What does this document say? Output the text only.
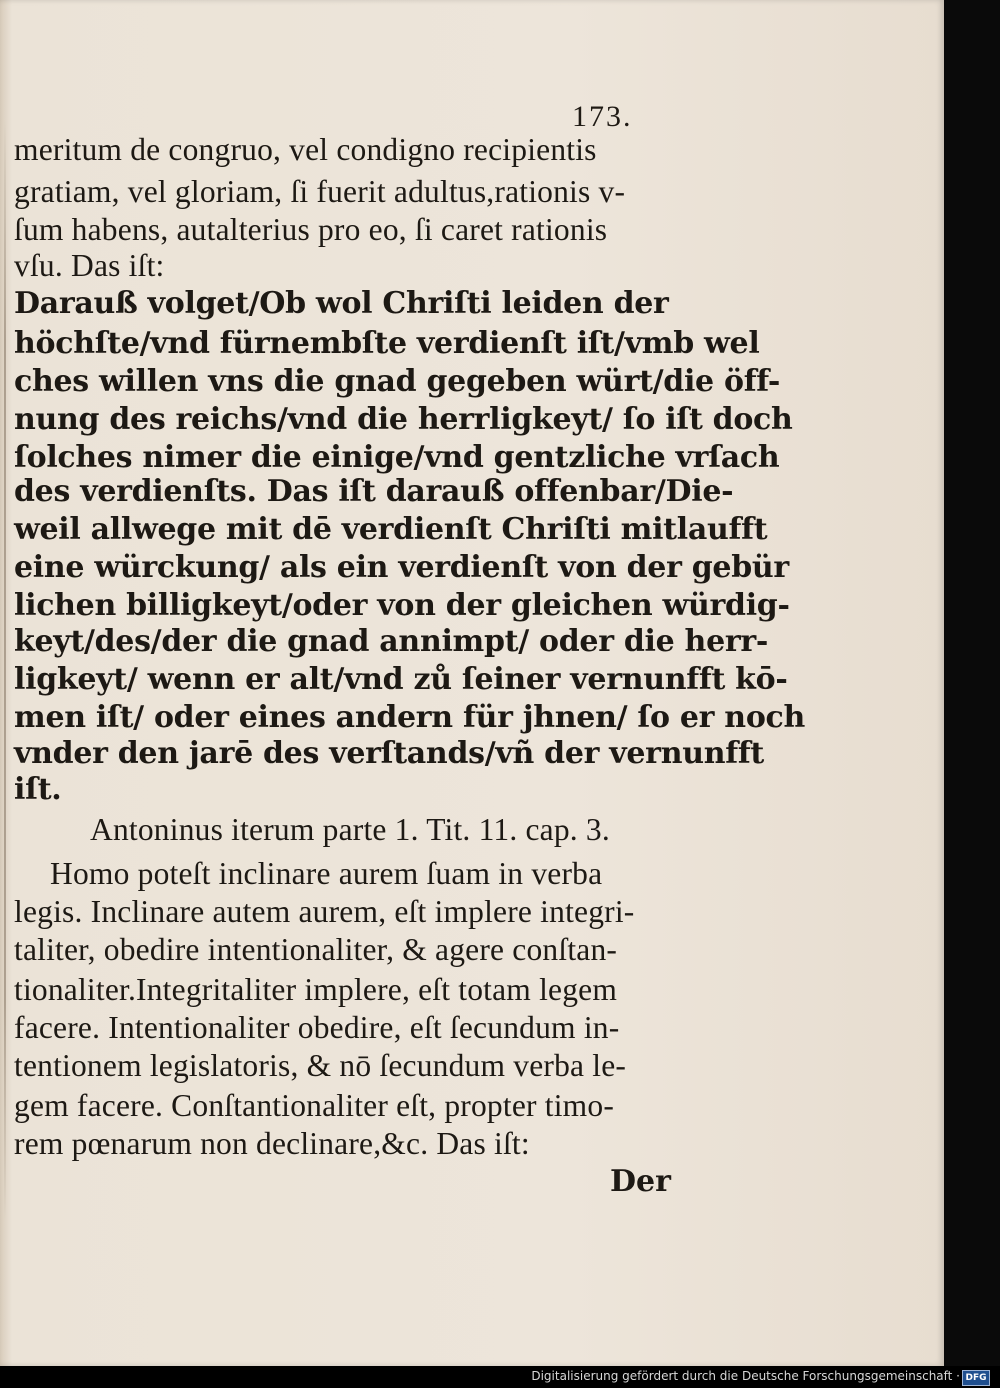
173.
meritum de congruo, vel condigno recipientis
gratiam, vel gloriam, ſi fuerit adultus,rationis v-
ſum habens, autalterius pro eo, ſi caret rationis
vſu. Das iſt:
Darauß volget/Ob wol Chriſti leiden der
höchſte/vnd fürnembſte verdienſt iſt/vmb wel
ches willen vns die gnad gegeben würt/die öff-
nung des reichs/vnd die herrligkeyt/ ſo iſt doch
ſolches nimer die einige/vnd gentzliche vrſach
des verdienſts. Das iſt darauß offenbar/Die-
weil allwege mit dē verdienſt Chriſti mitlaufft
eine würckung/ als ein verdienſt von der gebür
lichen billigkeyt/oder von der gleichen würdig-
keyt/des/der die gnad annimpt/ oder die herr-
ligkeyt/ wenn er alt/vnd zů ſeiner vernunfft kō-
men iſt/ oder eines andern für jhnen/ ſo er noch
vnder den jarē des verſtands/vñ der vernunfft
iſt.
Antoninus iterum parte 1. Tit. 11. cap. 3.
Homo poteſt inclinare aurem ſuam in verba
legis. Inclinare autem aurem, eſt implere integri-
taliter, obedire intentionaliter, & agere conſtan-
tionaliter.Integritaliter implere, eſt totam legem
facere. Intentionaliter obedire, eſt ſecundum in-
tentionem legislatoris, & nō ſecundum verba le-
gem facere. Conſtantionaliter eſt, propter timo-
rem pœnarum non declinare,&c. Das iſt:
Der
Digitalisierung gefördert durch die Deutsche Forschungsgemeinschaft · DFG
